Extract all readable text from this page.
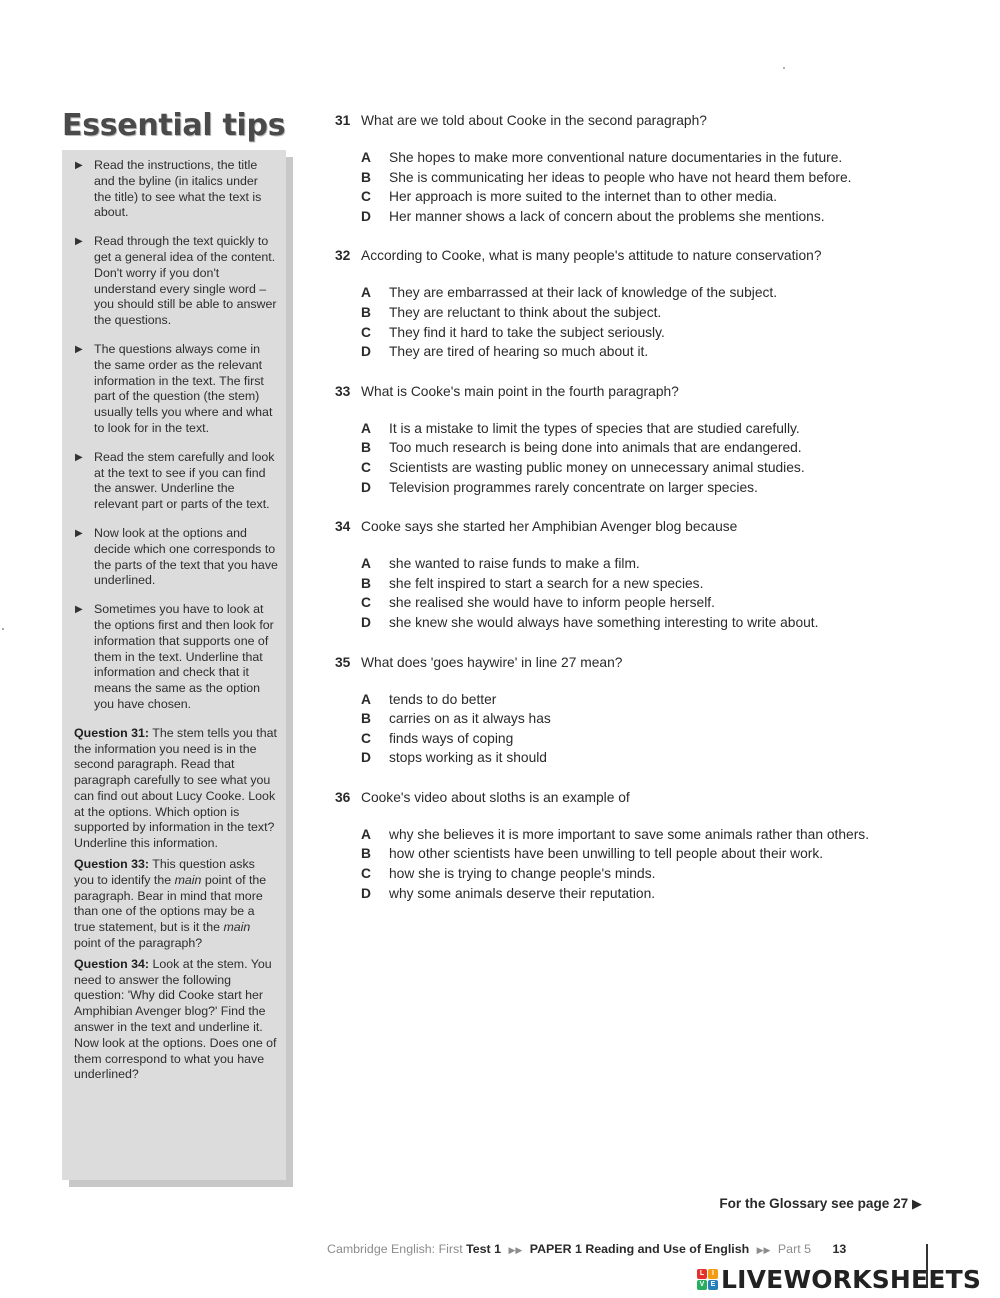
Essential tips
▶ Read the instructions, the title and the byline (in italics under the title) to see what the text is about.
▶ Read through the text quickly to get a general idea of the content. Don't worry if you don't understand every single word – you should still be able to answer the questions.
▶ The questions always come in the same order as the relevant information in the text. The first part of the question (the stem) usually tells you where and what to look for in the text.
▶ Read the stem carefully and look at the text to see if you can find the answer. Underline the relevant part or parts of the text.
▶ Now look at the options and decide which one corresponds to the parts of the text that you have underlined.
▶ Sometimes you have to look at the options first and then look for information that supports one of them in the text. Underline that information and check that it means the same as the option you have chosen.

Question 31: The stem tells you that the information you need is in the second paragraph. Read that paragraph carefully to see what you can find out about Lucy Cooke. Look at the options. Which option is supported by information in the text? Underline this information.

Question 33: This question asks you to identify the main point of the paragraph. Bear in mind that more than one of the options may be a true statement, but is it the main point of the paragraph?

Question 34: Look at the stem. You need to answer the following question: 'Why did Cooke start her Amphibian Avenger blog?' Find the answer in the text and underline it. Now look at the options. Does one of them correspond to what you have underlined?

31 What are we told about Cooke in the second paragraph?
A She hopes to make more conventional nature documentaries in the future.
B She is communicating her ideas to people who have not heard them before.
C Her approach is more suited to the internet than to other media.
D Her manner shows a lack of concern about the problems she mentions.
32 According to Cooke, what is many people's attitude to nature conservation?
A They are embarrassed at their lack of knowledge of the subject.
B They are reluctant to think about the subject.
C They find it hard to take the subject seriously.
D They are tired of hearing so much about it.
33 What is Cooke's main point in the fourth paragraph?
A It is a mistake to limit the types of species that are studied carefully.
B Too much research is being done into animals that are endangered.
C Scientists are wasting public money on unnecessary animal studies.
D Television programmes rarely concentrate on larger species.
34 Cooke says she started her Amphibian Avenger blog because
A she wanted to raise funds to make a film.
B she felt inspired to start a search for a new species.
C she realised she would have to inform people herself.
D she knew she would always have something interesting to write about.
35 What does 'goes haywire' in line 27 mean?
A tends to do better
B carries on as it always has
C finds ways of coping
D stops working as it should
36 Cooke's video about sloths is an example of
A why she believes it is more important to save some animals rather than others.
B how other scientists have been unwilling to tell people about their work.
C how she is trying to change people's minds.
D why some animals deserve their reputation.
For the Glossary see page 27 ▶
Cambridge English: First Test 1 ▶▶ PAPER 1 Reading and Use of English ▶▶ Part 5 13
L	I
V E LIVEWORKSHEETS
